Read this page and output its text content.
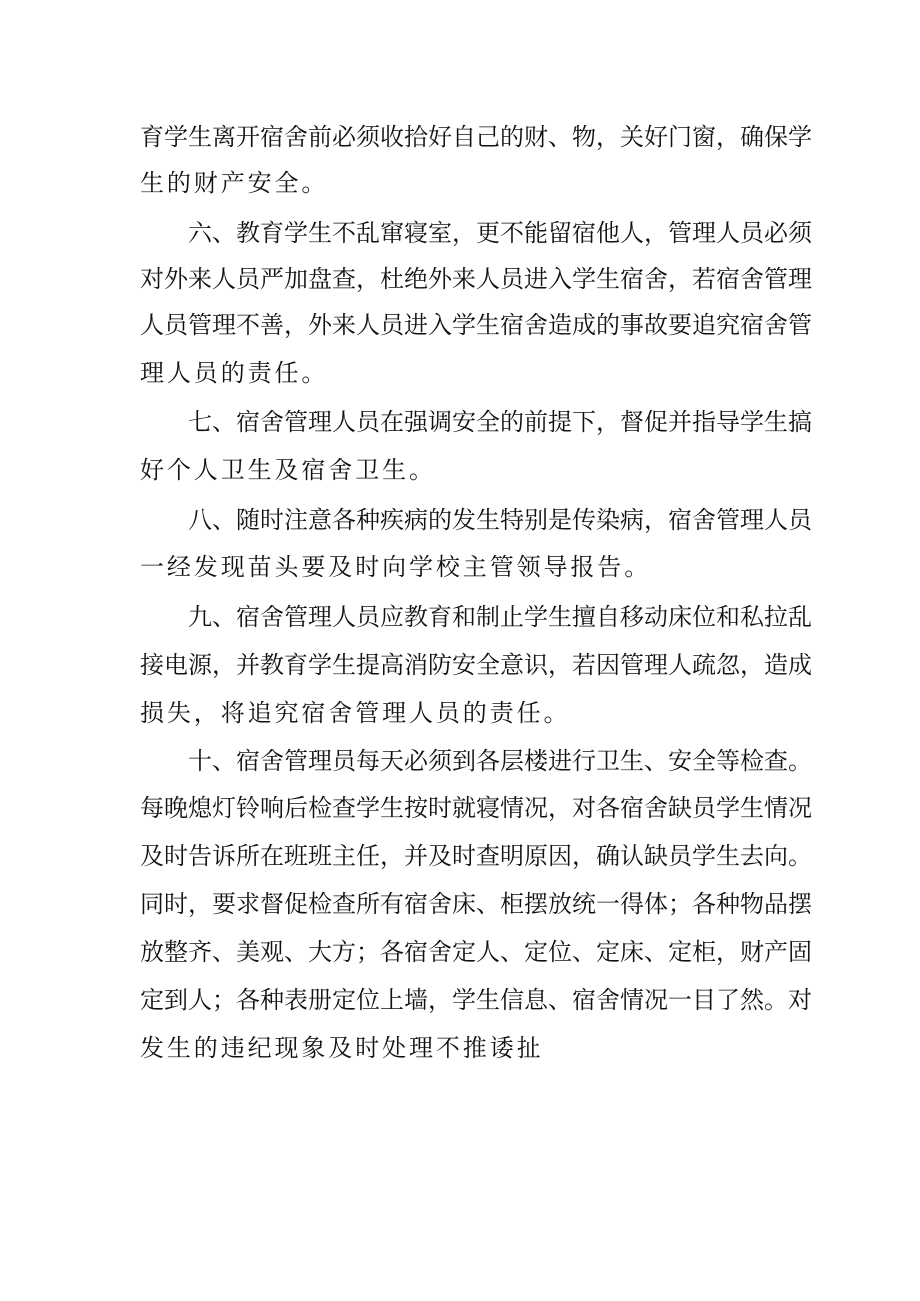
育学生离开宿舍前必须收拾好自己的财、物，关好门窗，确保学
生的财产安全。
六、教育学生不乱窜寝室，更不能留宿他人，管理人员必须
对外来人员严加盘查，杜绝外来人员进入学生宿舍，若宿舍管理
人员管理不善，外来人员进入学生宿舍造成的事故要追究宿舍管
理人员的责任。
七、宿舍管理人员在强调安全的前提下，督促并指导学生搞
好个人卫生及宿舍卫生。
八、随时注意各种疾病的发生特别是传染病，宿舍管理人员
一经发现苗头要及时向学校主管领导报告。
九、宿舍管理人员应教育和制止学生擅自移动床位和私拉乱
接电源，并教育学生提高消防安全意识，若因管理人疏忽，造成
损失，将追究宿舍管理人员的责任。
十、宿舍管理员每天必须到各层楼进行卫生、安全等检查。
每晚熄灯铃响后检查学生按时就寝情况，对各宿舍缺员学生情况
及时告诉所在班班主任，并及时查明原因，确认缺员学生去向。
同时，要求督促检查所有宿舍床、柜摆放统一得体；各种物品摆
放整齐、美观、大方；各宿舍定人、定位、定床、定柜，财产固
定到人；各种表册定位上墙，学生信息、宿舍情况一目了然。对
发生的违纪现象及时处理不推诿扯
